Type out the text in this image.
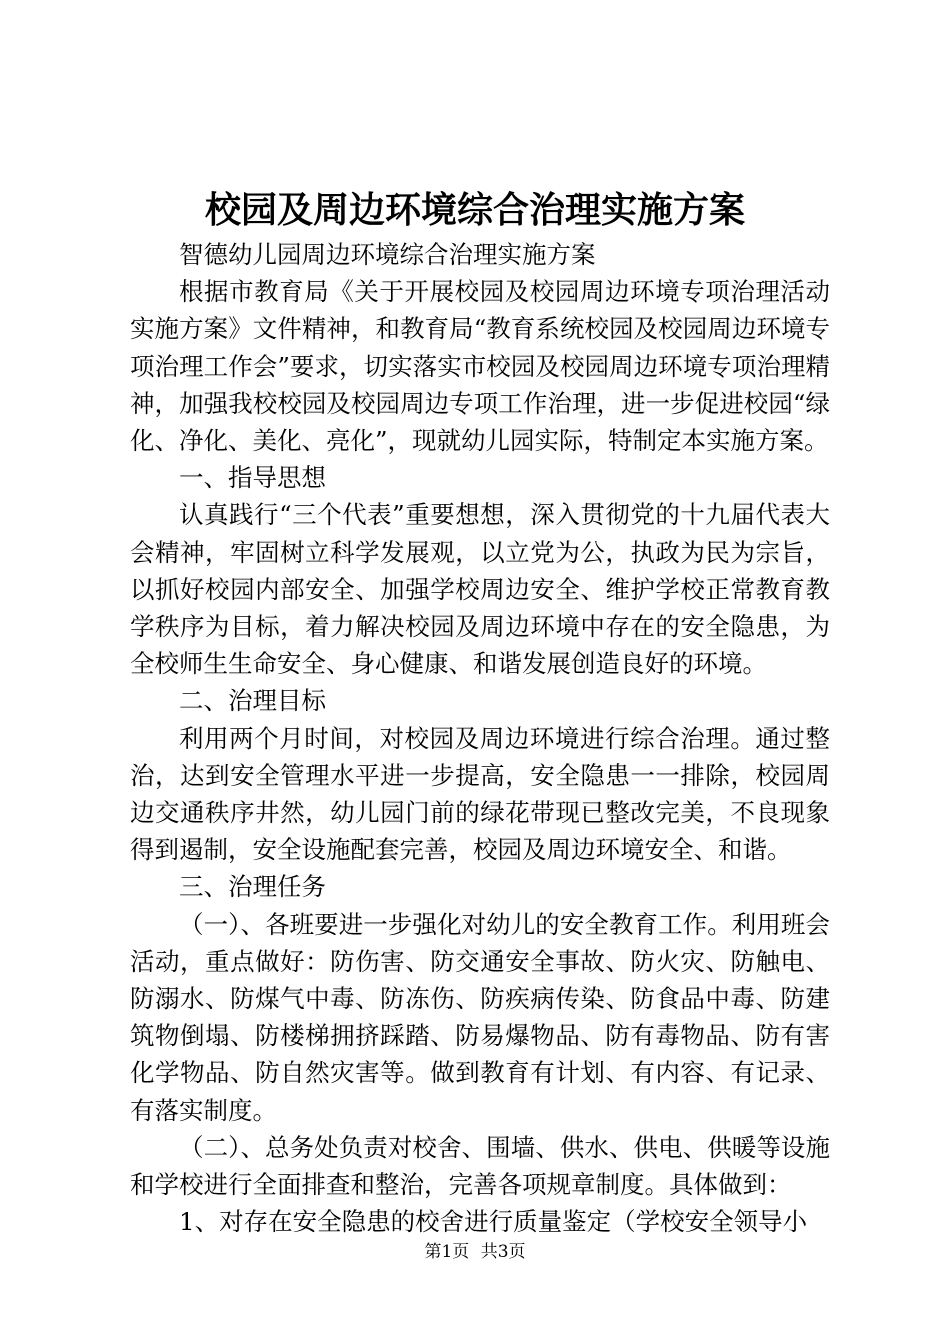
校园及周边环境综合治理实施方案

智德幼儿园周边环境综合治理实施方案

根据市教育局《关于开展校园及校园周边环境专项治理活动实施方案》文件精神，和教育局“教育系统校园及校园周边环境专项治理工作会”要求，切实落实市校园及校园周边环境专项治理精神，加强我校校园及校园周边专项工作治理，进一步促进校园“绿化、净化、美化、亮化”，现就幼儿园实际，特制定本实施方案。

一、指导思想

认真践行“三个代表”重要想想，深入贯彻党的十九届代表大会精神，牢固树立科学发展观，以立党为公，执政为民为宗旨，以抓好校园内部安全、加强学校周边安全、维护学校正常教育教学秩序为目标，着力解决校园及周边环境中存在的安全隐患，为全校师生生命安全、身心健康、和谐发展创造良好的环境。

二、治理目标

利用两个月时间，对校园及周边环境进行综合治理。通过整治，达到安全管理水平进一步提高，安全隐患一一排除，校园周边交通秩序井然，幼儿园门前的绿花带现已整改完美，不良现象得到遏制，安全设施配套完善，校园及周边环境安全、和谐。

三、治理任务

（一）、各班要进一步强化对幼儿的安全教育工作。利用班会活动，重点做好：防伤害、防交通安全事故、防火灾、防触电、防溺水、防煤气中毒、防冻伤、防疾病传染、防食品中毒、防建筑物倒塌、防楼梯拥挤踩踏、防易爆物品、防有毒物品、防有害化学物品、防自然灾害等。做到教育有计划、有内容、有记录、有落实制度。

（二）、总务处负责对校舍、围墙、供水、供电、供暖等设施和学校进行全面排查和整治，完善各项规章制度。具体做到：

1、对存在安全隐患的校舍进行质量鉴定（学校安全领导小

第1页 共3页
